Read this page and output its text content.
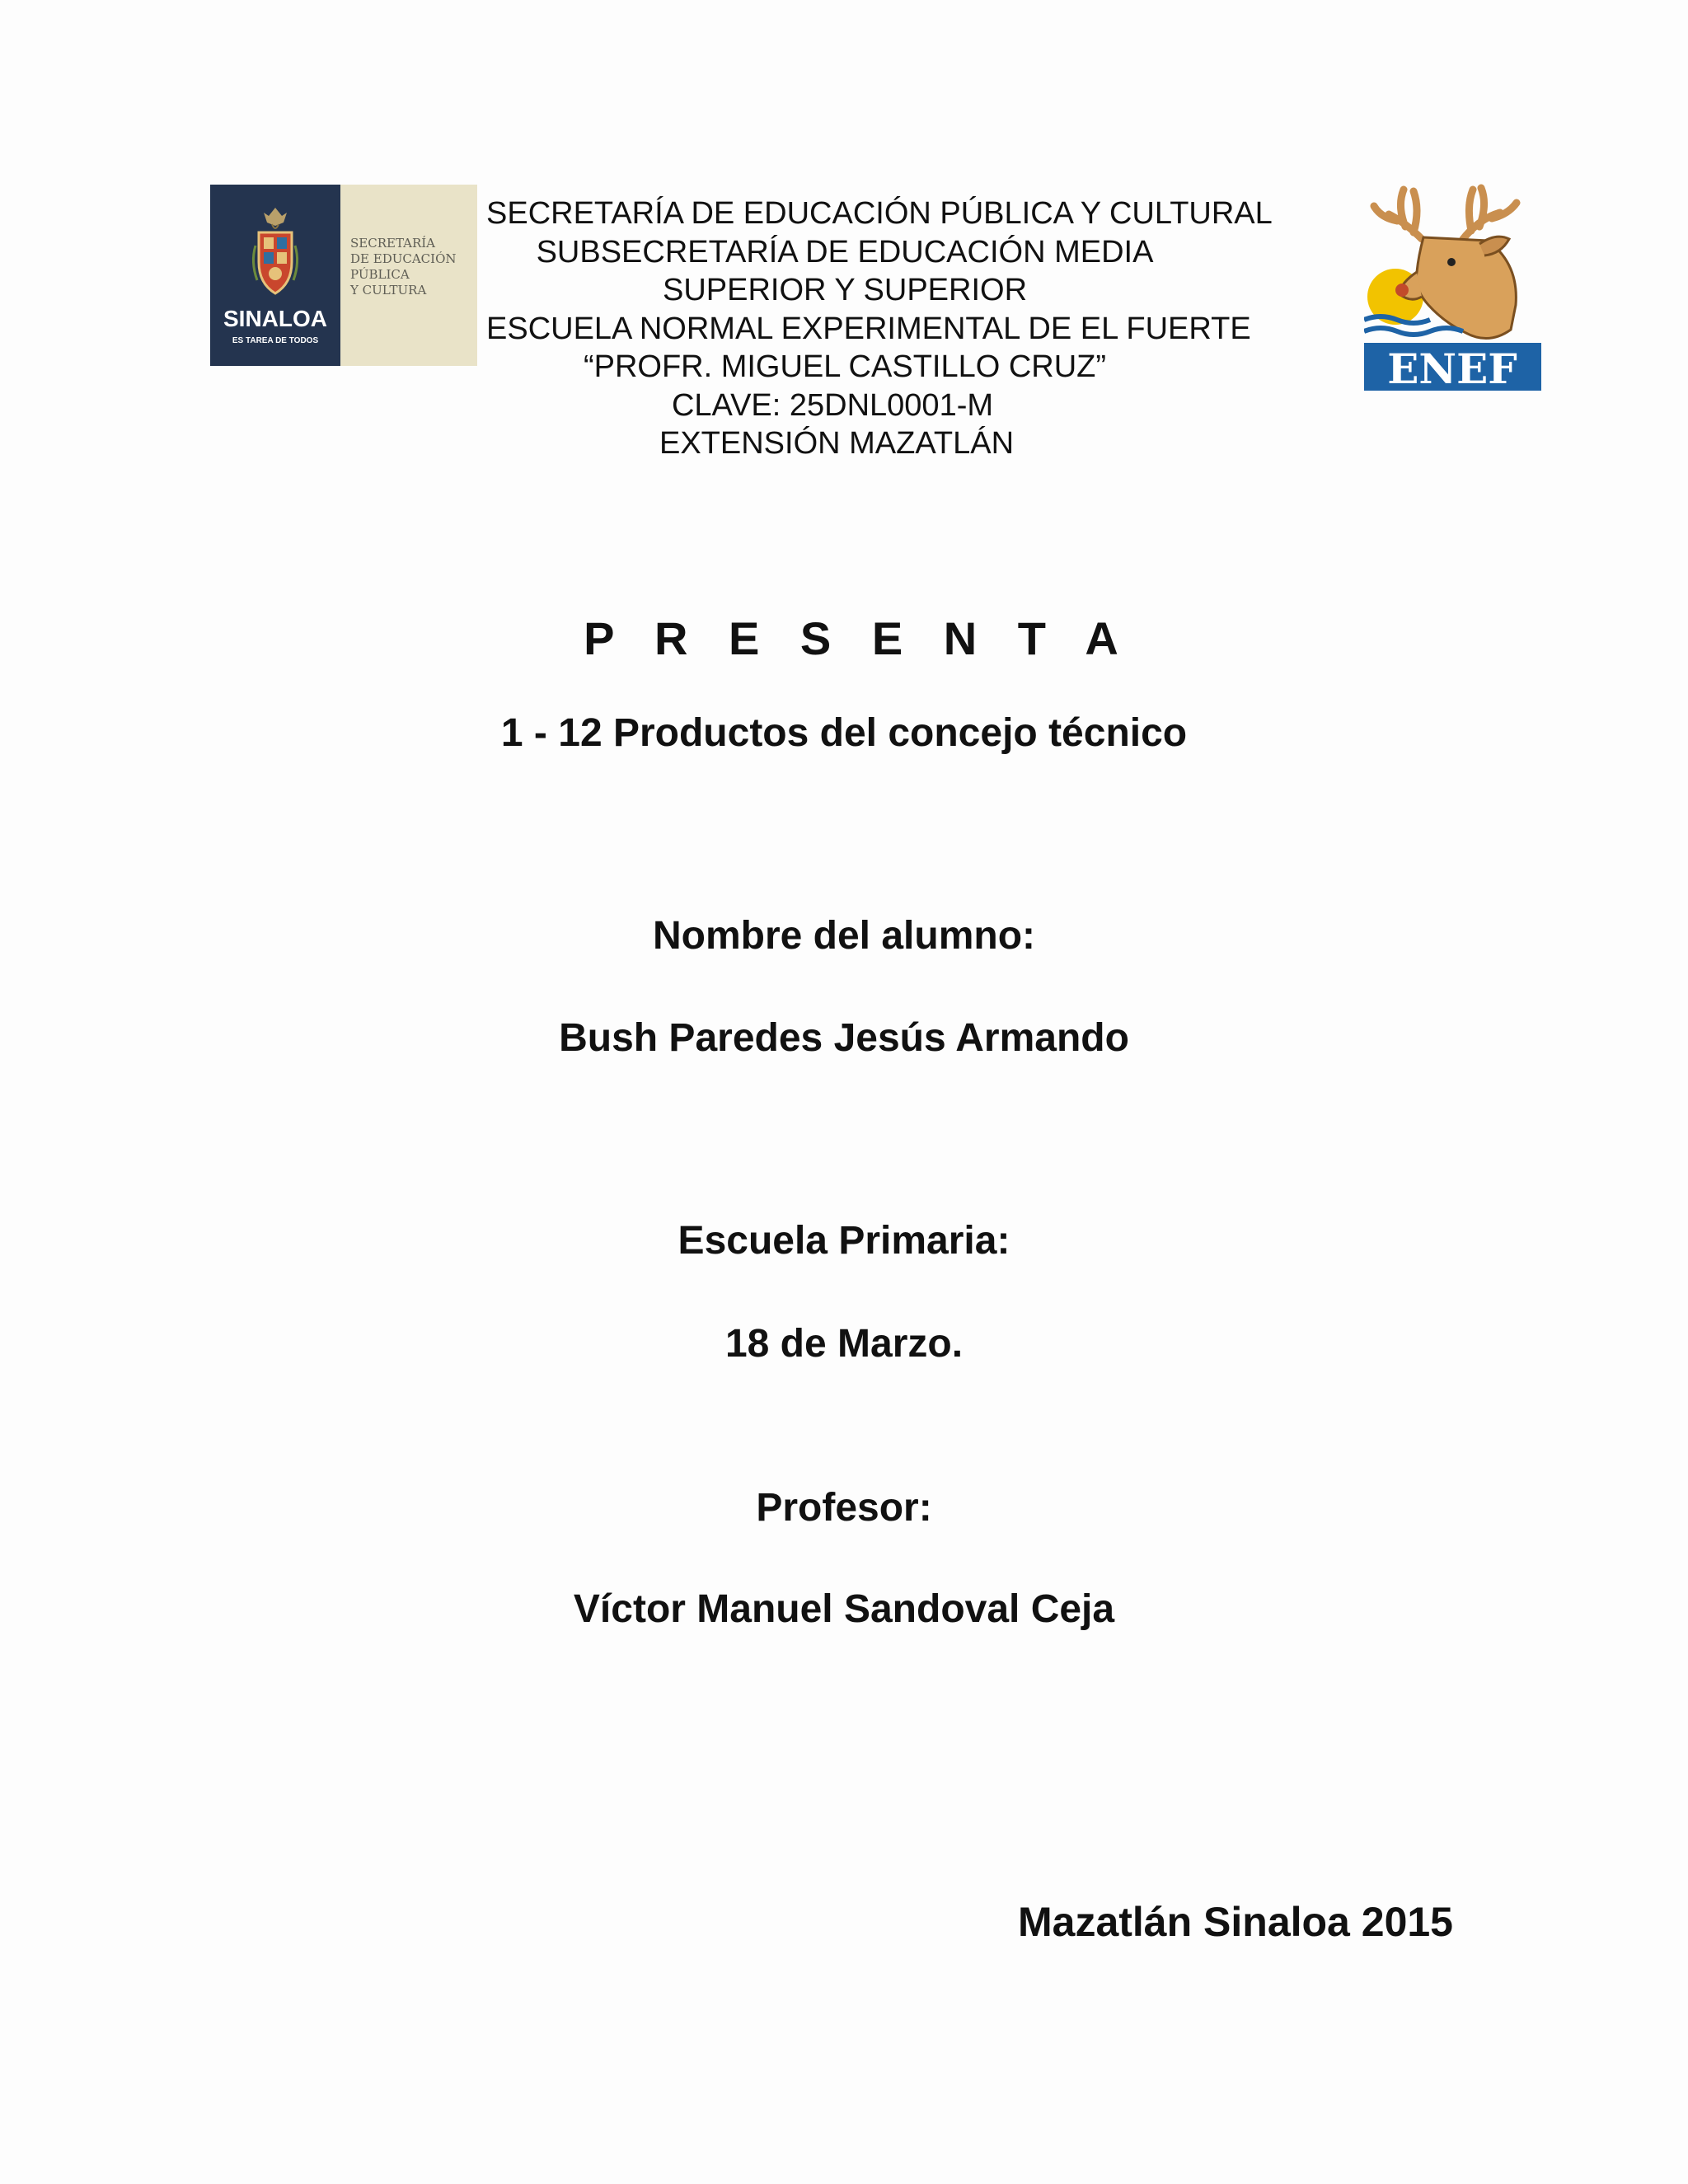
SINALOA
ES TAREA DE TODOS
SECRETARÍA
DE EDUCACIÓN
PÚBLICA
Y CULTURA
SECRETARÍA DE EDUCACIÓN PÚBLICA Y CULTURAL
SUBSECRETARÍA DE EDUCACIÓN MEDIA
SUPERIOR Y SUPERIOR
ESCUELA NORMAL EXPERIMENTAL DE EL FUERTE
“PROFR. MIGUEL CASTILLO CRUZ”
CLAVE: 25DNL0001-M
EXTENSIÓN MAZATLÁN
ENEF
P R E S E N T A
1 - 12 Productos del concejo técnico
Nombre del alumno:
Bush Paredes Jesús Armando
Escuela Primaria:
18 de Marzo.
Profesor:
Víctor Manuel Sandoval Ceja
Mazatlán Sinaloa 2015
